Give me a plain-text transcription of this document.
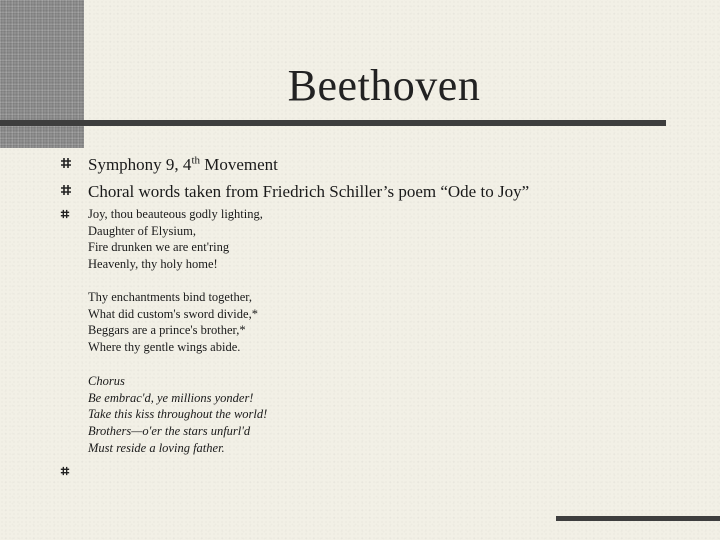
Beethoven
Symphony 9, 4th Movement
Choral words taken from Friedrich Schiller’s poem “Ode to Joy”
Joy, thou beauteous godly lighting,
Daughter of Elysium,
Fire drunken we are ent'ring
Heavenly, thy holy home!
Thy enchantments bind together,
What did custom's sword divide,*
Beggars are a prince's brother,*
Where thy gentle wings abide.
Chorus
Be embrac'd, ye millions yonder!
Take this kiss throughout the world!
Brothers—o'er the stars unfurl'd
Must reside a loving father.
